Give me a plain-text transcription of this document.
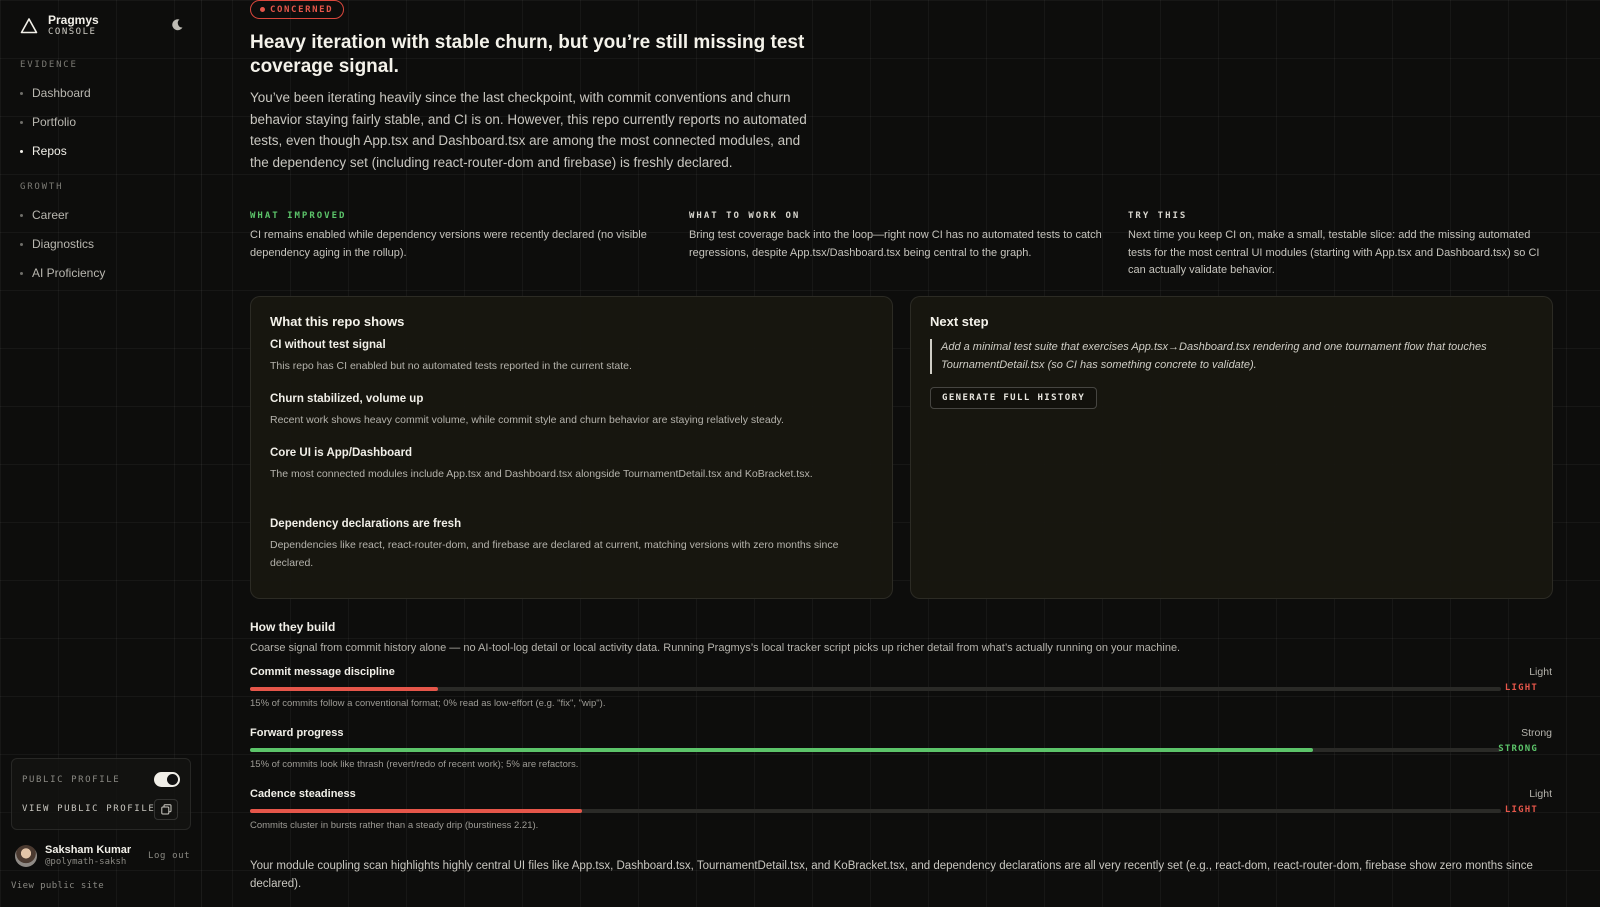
Pragmys
CONSOLE
EVIDENCE
Dashboard
Portfolio
Repos
GROWTH
Career
Diagnostics
AI Proficiency
PUBLIC PROFILE
VIEW PUBLIC PROFILE
Saksham Kumar
@polymath-saksh
Log out
View public site
CONCERNED
Heavy iteration with stable churn, but you’re still missing test coverage signal.

You’ve been iterating heavily since the last checkpoint, with commit conventions and churn behavior staying fairly stable, and CI is on. However, this repo currently reports no automated tests, even though App.tsx and Dashboard.tsx are among the most connected modules, and the dependency set (including react-router-dom and firebase) is freshly declared.

WHAT IMPROVED
CI remains enabled while dependency versions were recently declared (no visible dependency aging in the rollup).
WHAT TO WORK ON
Bring test coverage back into the loop—right now CI has no automated tests to catch regressions, despite App.tsx/Dashboard.tsx being central to the graph.
TRY THIS
Next time you keep CI on, make a small, testable slice: add the missing automated tests for the most central UI modules (starting with App.tsx and Dashboard.tsx) so CI can actually validate behavior.
What this repo shows
CI without test signal
This repo has CI enabled but no automated tests reported in the current state.
Churn stabilized, volume up
Recent work shows heavy commit volume, while commit style and churn behavior are staying relatively steady.
Core UI is App/Dashboard
The most connected modules include App.tsx and Dashboard.tsx alongside TournamentDetail.tsx and KoBracket.tsx.
Dependency declarations are fresh
Dependencies like react, react-router-dom, and firebase are declared at current, matching versions with zero months since declared.
Next step
Add a minimal test suite that exercises App.tsx→Dashboard.tsx rendering and one tournament flow that touches TournamentDetail.tsx (so CI has something concrete to validate).
GENERATE FULL HISTORY
How they build
Coarse signal from commit history alone — no AI-tool-log detail or local activity data. Running Pragmys’s local tracker script picks up richer detail from what’s actually running on your machine.
Commit message discipline	Light
LIGHT
15% of commits follow a conventional format; 0% read as low-effort (e.g. "fix", "wip").
Forward progress	Strong
STRONG
15% of commits look like thrash (revert/redo of recent work); 5% are refactors.
Cadence steadiness	Light
LIGHT
Commits cluster in bursts rather than a steady drip (burstiness 2.21).

Your module coupling scan highlights highly central UI files like App.tsx, Dashboard.tsx, TournamentDetail.tsx, and KoBracket.tsx, and dependency declarations are all very recently set (e.g., react-dom, react-router-dom, firebase show zero months since declared).
